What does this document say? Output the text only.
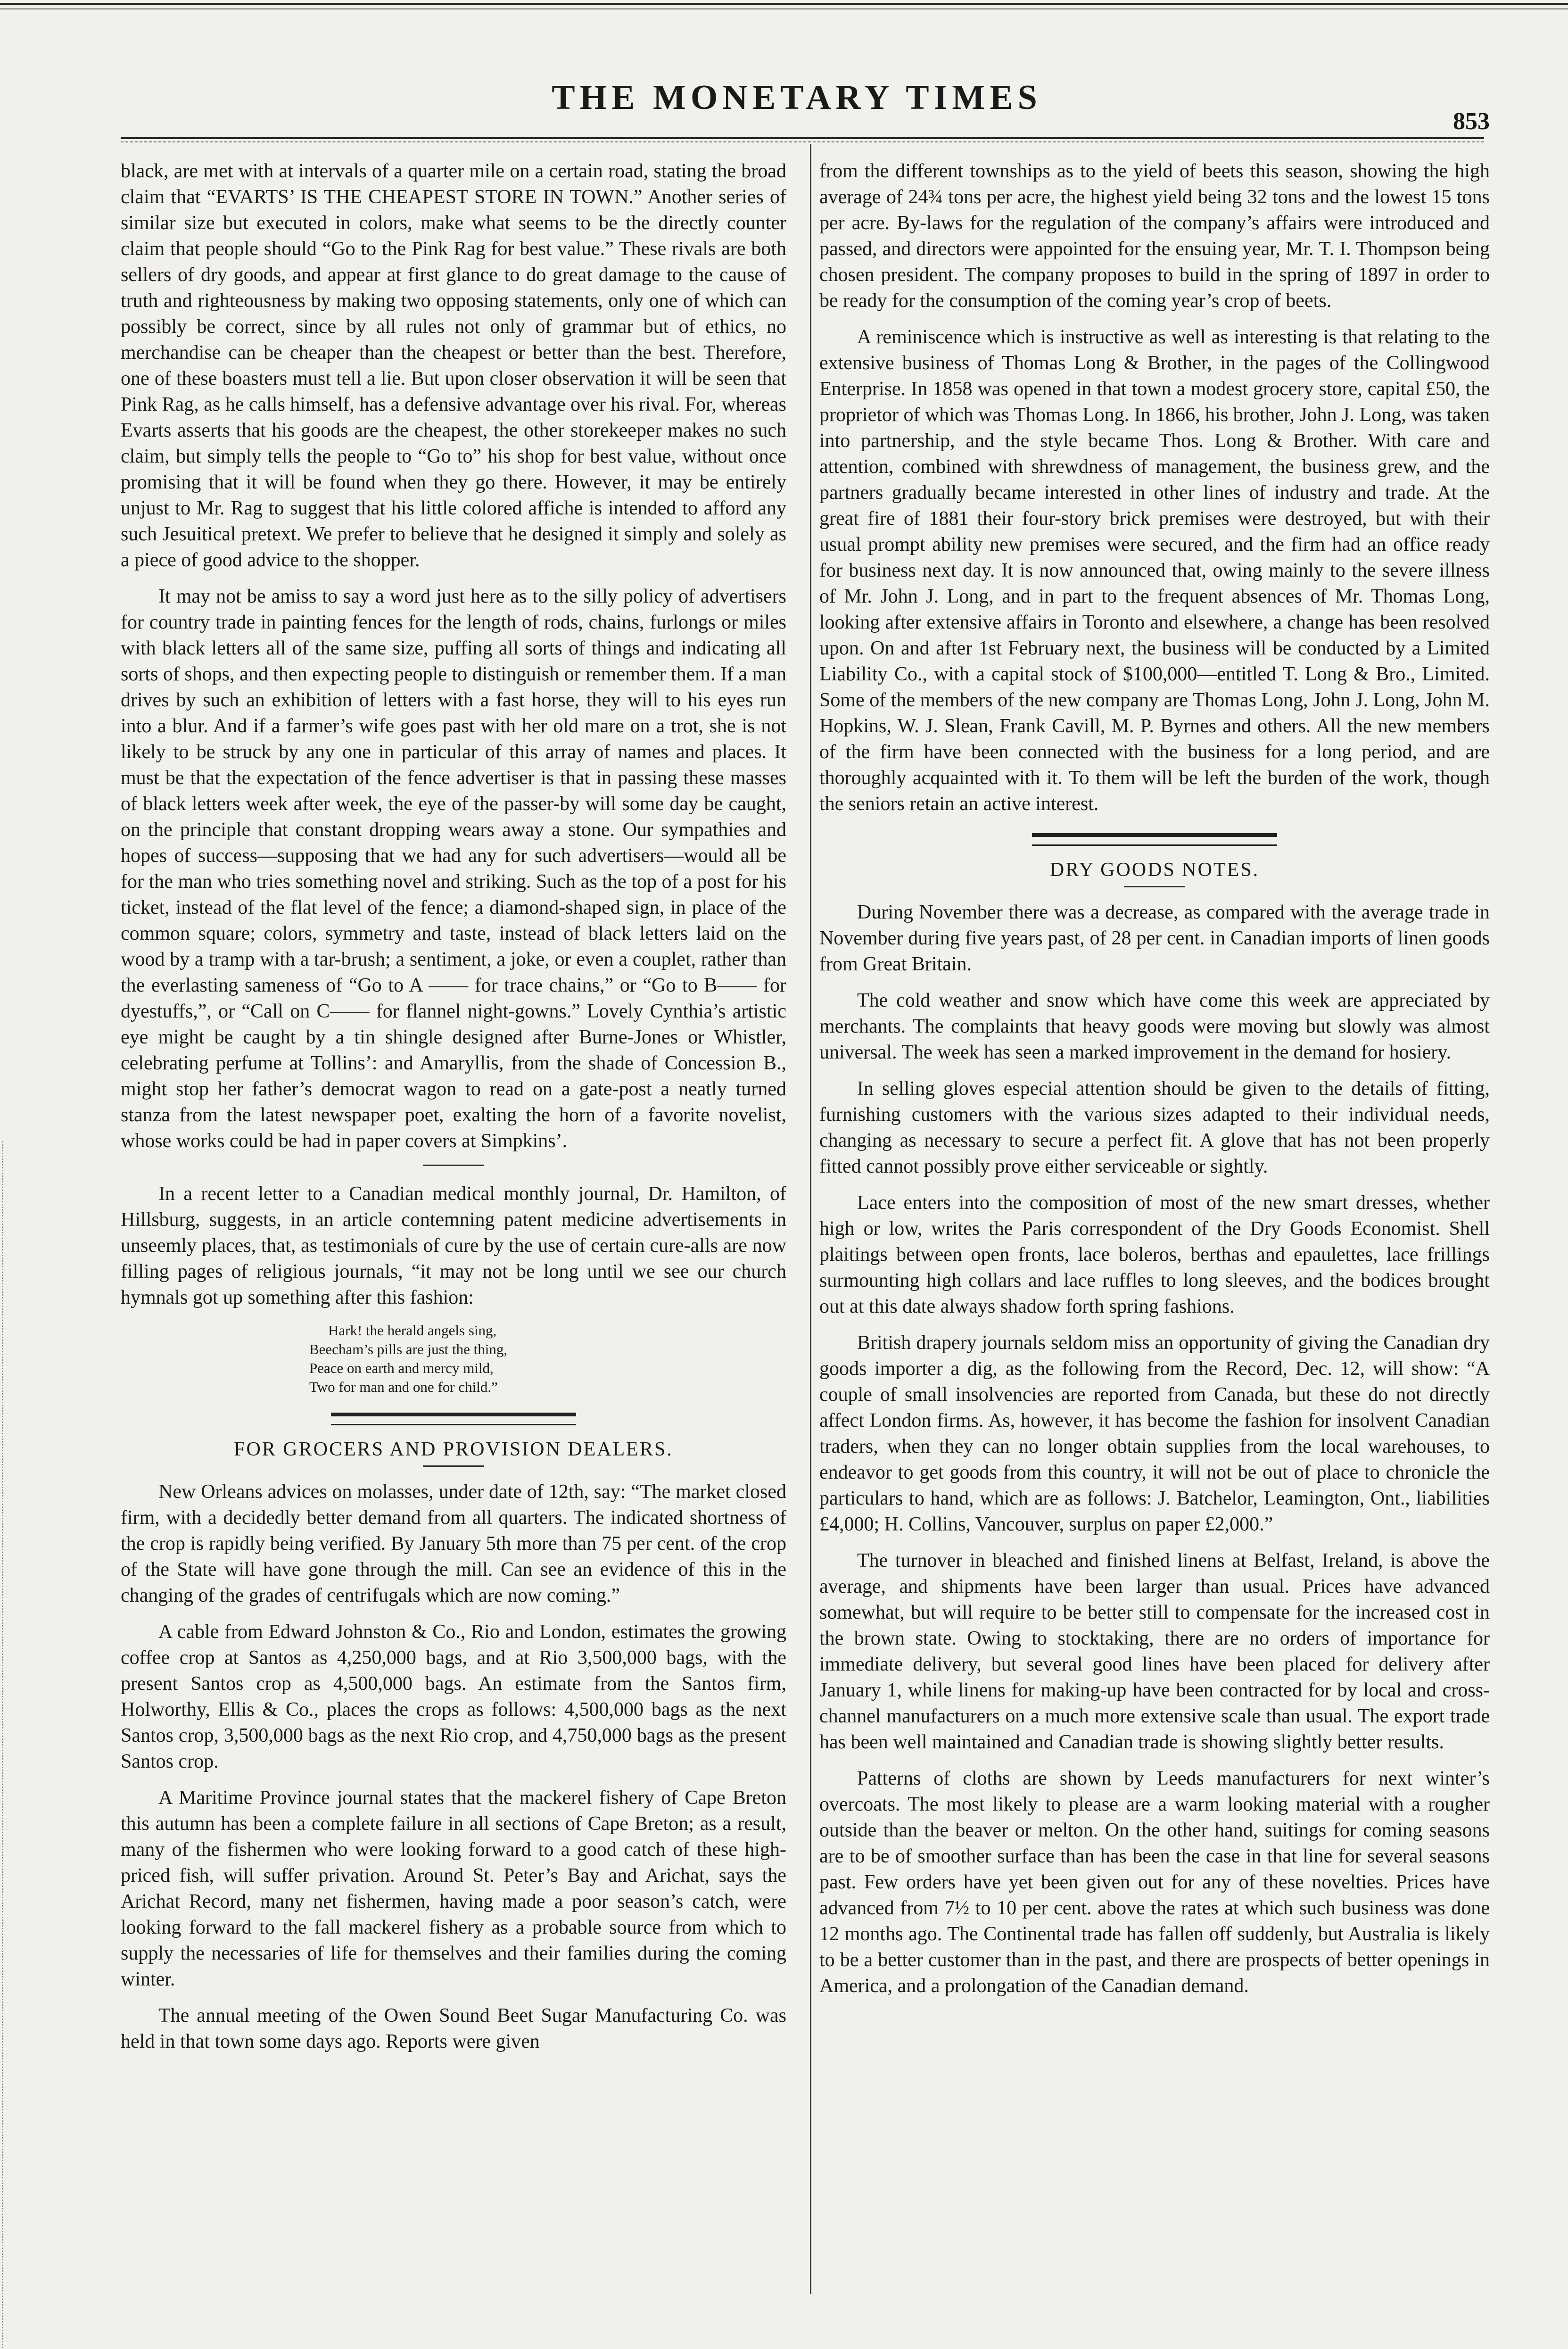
THE MONETARY TIMES
853

black, are met with at intervals of a quarter mile on a certain road, stating the broad claim that “EVARTS’ IS THE CHEAPEST STORE IN TOWN.” Another series of similar size but executed in colors, make what seems to be the directly counter claim that people should “Go to the Pink Rag for best value.” These rivals are both sellers of dry goods, and appear at first glance to do great damage to the cause of truth and righteousness by making two opposing statements, only one of which can possibly be correct, since by all rules not only of grammar but of ethics, no merchandise can be cheaper than the cheapest or better than the best. Therefore, one of these boasters must tell a lie. But upon closer observation it will be seen that Pink Rag, as he calls himself, has a defensive advantage over his rival. For, whereas Evarts asserts that his goods are the cheapest, the other storekeeper makes no such claim, but simply tells the people to “Go to” his shop for best value, without once promising that it will be found when they go there. However, it may be entirely unjust to Mr. Rag to suggest that his little colored affiche is intended to afford any such Jesuitical pretext. We prefer to believe that he designed it simply and solely as a piece of good advice to the shopper.

It may not be amiss to say a word just here as to the silly policy of advertisers for country trade in painting fences for the length of rods, chains, furlongs or miles with black letters all of the same size, puffing all sorts of things and indicating all sorts of shops, and then expecting people to distinguish or remember them. If a man drives by such an exhibition of letters with a fast horse, they will to his eyes run into a blur. And if a farmer’s wife goes past with her old mare on a trot, she is not likely to be struck by any one in particular of this array of names and places. It must be that the expectation of the fence advertiser is that in passing these masses of black letters week after week, the eye of the passer-by will some day be caught, on the principle that constant dropping wears away a stone. Our sympathies and hopes of success—supposing that we had any for such advertisers—would all be for the man who tries something novel and striking. Such as the top of a post for his ticket, instead of the flat level of the fence; a diamond-shaped sign, in place of the common square; colors, symmetry and taste, instead of black letters laid on the wood by a tramp with a tar-brush; a sentiment, a joke, or even a couplet, rather than the everlasting sameness of “Go to A —— for trace chains,” or “Go to B—— for dyestuffs,”, or “Call on C—— for flannel night-gowns.” Lovely Cynthia’s artistic eye might be caught by a tin shingle designed after Burne-Jones or Whistler, celebrating perfume at Tollins’: and Amaryllis, from the shade of Concession B., might stop her father’s democrat wagon to read on a gate-post a neatly turned stanza from the latest newspaper poet, exalting the horn of a favorite novelist, whose works could be had in paper covers at Simpkins’.

In a recent letter to a Canadian medical monthly journal, Dr. Hamilton, of Hillsburg, suggests, in an article contemning patent medicine advertisements in unseemly places, that, as testimonials of cure by the use of certain cure-alls are now filling pages of religious journals, “it may not be long until we see our church hymnals got up something after this fashion:

Hark! the herald angels sing,
Beecham’s pills are just the thing,
Peace on earth and mercy mild,
Two for man and one for child.”
FOR GROCERS AND PROVISION DEALERS.

New Orleans advices on molasses, under date of 12th, say: “The market closed firm, with a decidedly better demand from all quarters. The indicated shortness of the crop is rapidly being verified. By January 5th more than 75 per cent. of the crop of the State will have gone through the mill. Can see an evidence of this in the changing of the grades of centrifugals which are now coming.”

A cable from Edward Johnston & Co., Rio and London, estimates the growing coffee crop at Santos as 4,250,000 bags, and at Rio 3,500,000 bags, with the present Santos crop as 4,500,000 bags. An estimate from the Santos firm, Holworthy, Ellis & Co., places the crops as follows: 4,500,000 bags as the next Santos crop, 3,500,000 bags as the next Rio crop, and 4,750,000 bags as the present Santos crop.

A Maritime Province journal states that the mackerel fishery of Cape Breton this autumn has been a complete failure in all sections of Cape Breton; as a result, many of the fishermen who were looking forward to a good catch of these high-priced fish, will suffer privation. Around St. Peter’s Bay and Arichat, says the Arichat Record, many net fishermen, having made a poor season’s catch, were looking forward to the fall mackerel fishery as a probable source from which to supply the necessaries of life for themselves and their families during the coming winter.

The annual meeting of the Owen Sound Beet Sugar Manufacturing Co. was held in that town some days ago. Reports were given

from the different townships as to the yield of beets this season, showing the high average of 24¾ tons per acre, the highest yield being 32 tons and the lowest 15 tons per acre. By-laws for the regulation of the company’s affairs were introduced and passed, and directors were appointed for the ensuing year, Mr. T. I. Thompson being chosen president. The company proposes to build in the spring of 1897 in order to be ready for the consumption of the coming year’s crop of beets.

A reminiscence which is instructive as well as interesting is that relating to the extensive business of Thomas Long & Brother, in the pages of the Collingwood Enterprise. In 1858 was opened in that town a modest grocery store, capital £50, the proprietor of which was Thomas Long. In 1866, his brother, John J. Long, was taken into partnership, and the style became Thos. Long & Brother. With care and attention, combined with shrewdness of management, the business grew, and the partners gradually became interested in other lines of industry and trade. At the great fire of 1881 their four-story brick premises were destroyed, but with their usual prompt ability new premises were secured, and the firm had an office ready for business next day. It is now announced that, owing mainly to the severe illness of Mr. John J. Long, and in part to the frequent absences of Mr. Thomas Long, looking after extensive affairs in Toronto and elsewhere, a change has been resolved upon. On and after 1st February next, the business will be conducted by a Limited Liability Co., with a capital stock of $100,000—entitled T. Long & Bro., Limited. Some of the members of the new company are Thomas Long, John J. Long, John M. Hopkins, W. J. Slean, Frank Cavill, M. P. Byrnes and others. All the new members of the firm have been connected with the business for a long period, and are thoroughly acquainted with it. To them will be left the burden of the work, though the seniors retain an active interest.

DRY GOODS NOTES.

During November there was a decrease, as compared with the average trade in November during five years past, of 28 per cent. in Canadian imports of linen goods from Great Britain.

The cold weather and snow which have come this week are appreciated by merchants. The complaints that heavy goods were moving but slowly was almost universal. The week has seen a marked improvement in the demand for hosiery.

In selling gloves especial attention should be given to the details of fitting, furnishing customers with the various sizes adapted to their individual needs, changing as necessary to secure a perfect fit. A glove that has not been properly fitted cannot possibly prove either serviceable or sightly.

Lace enters into the composition of most of the new smart dresses, whether high or low, writes the Paris correspondent of the Dry Goods Economist. Shell plaitings between open fronts, lace boleros, berthas and epaulettes, lace frillings surmounting high collars and lace ruffles to long sleeves, and the bodices brought out at this date always shadow forth spring fashions.

British drapery journals seldom miss an opportunity of giving the Canadian dry goods importer a dig, as the following from the Record, Dec. 12, will show: “A couple of small insolvencies are reported from Canada, but these do not directly affect London firms. As, however, it has become the fashion for insolvent Canadian traders, when they can no longer obtain supplies from the local warehouses, to endeavor to get goods from this country, it will not be out of place to chronicle the particulars to hand, which are as follows: J. Batchelor, Leamington, Ont., liabilities £4,000; H. Collins, Vancouver, surplus on paper £2,000.”

The turnover in bleached and finished linens at Belfast, Ireland, is above the average, and shipments have been larger than usual. Prices have advanced somewhat, but will require to be better still to compensate for the increased cost in the brown state. Owing to stocktaking, there are no orders of importance for immediate delivery, but several good lines have been placed for delivery after January 1, while linens for making-up have been contracted for by local and cross-channel manufacturers on a much more extensive scale than usual. The export trade has been well maintained and Canadian trade is showing slightly better results.

Patterns of cloths are shown by Leeds manufacturers for next winter’s overcoats. The most likely to please are a warm looking material with a rougher outside than the beaver or melton. On the other hand, suitings for coming seasons are to be of smoother surface than has been the case in that line for several seasons past. Few orders have yet been given out for any of these novelties. Prices have advanced from 7½ to 10 per cent. above the rates at which such business was done 12 months ago. The Continental trade has fallen off suddenly, but Australia is likely to be a better customer than in the past, and there are prospects of better openings in America, and a prolongation of the Canadian demand.
